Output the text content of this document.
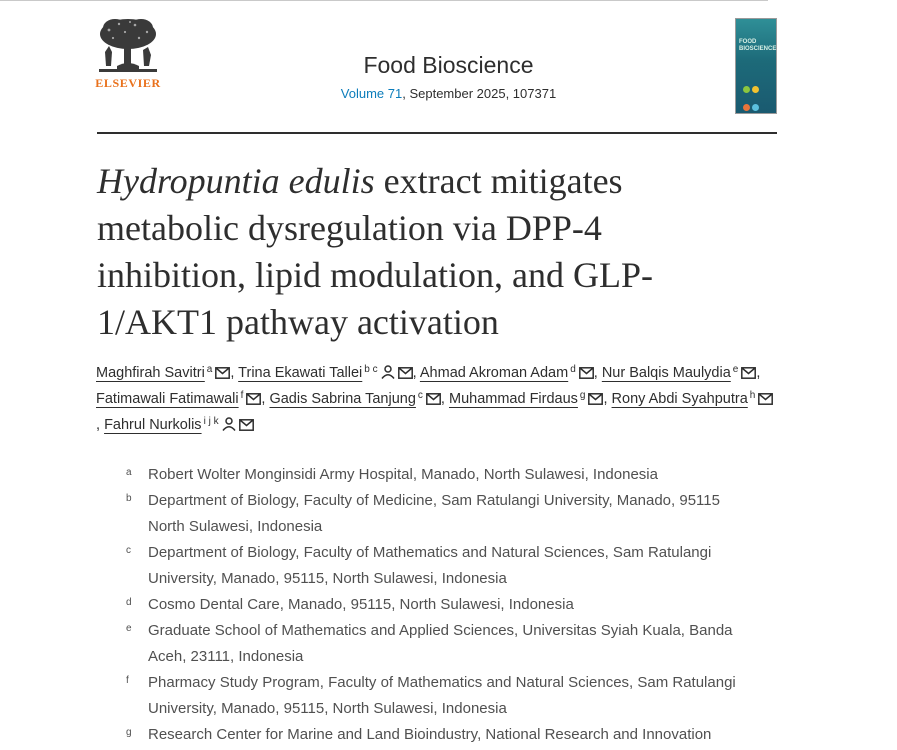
ELSEVIER
Food Bioscience
Volume 71, September 2025, 107371
FOOD BIOSCIENCE

Hydropuntia edulis extract mitigates metabolic dysregulation via DPP-4 inhibition, lipid modulation, and GLP-1/AKT1 pathway activation
Maghfirah Savitri $^a$ , Trina Ekawati Tallei $^{b c}$ , Ahmad Akroman Adam $^d$ , Nur Balqis Maulydia $^e$ , Fatimawali Fatimawali $^f$ , Gadis Sabrina Tanjung $^c$ , Muhammad Firdaus $^g$ , Rony Abdi Syahputra $^h$
, Fahrul Nurkolis $^{i j k}$
a Robert Wolter Monginsidi Army Hospital, Manado, North Sulawesi, Indonesia
b Department of Biology, Faculty of Medicine, Sam Ratulangi University, Manado, 95115
North Sulawesi, Indonesia
c Department of Biology, Faculty of Mathematics and Natural Sciences, Sam Ratulangi
University, Manado, 95115, North Sulawesi, Indonesia
d Cosmo Dental Care, Manado, 95115, North Sulawesi, Indonesia
e Graduate School of Mathematics and Applied Sciences, Universitas Syiah Kuala, Banda
Aceh, 23111, Indonesia
f Pharmacy Study Program, Faculty of Mathematics and Natural Sciences, Sam Ratulangi
University, Manado, 95115, North Sulawesi, Indonesia
g Research Center for Marine and Land Bioindustry, National Research and Innovation
